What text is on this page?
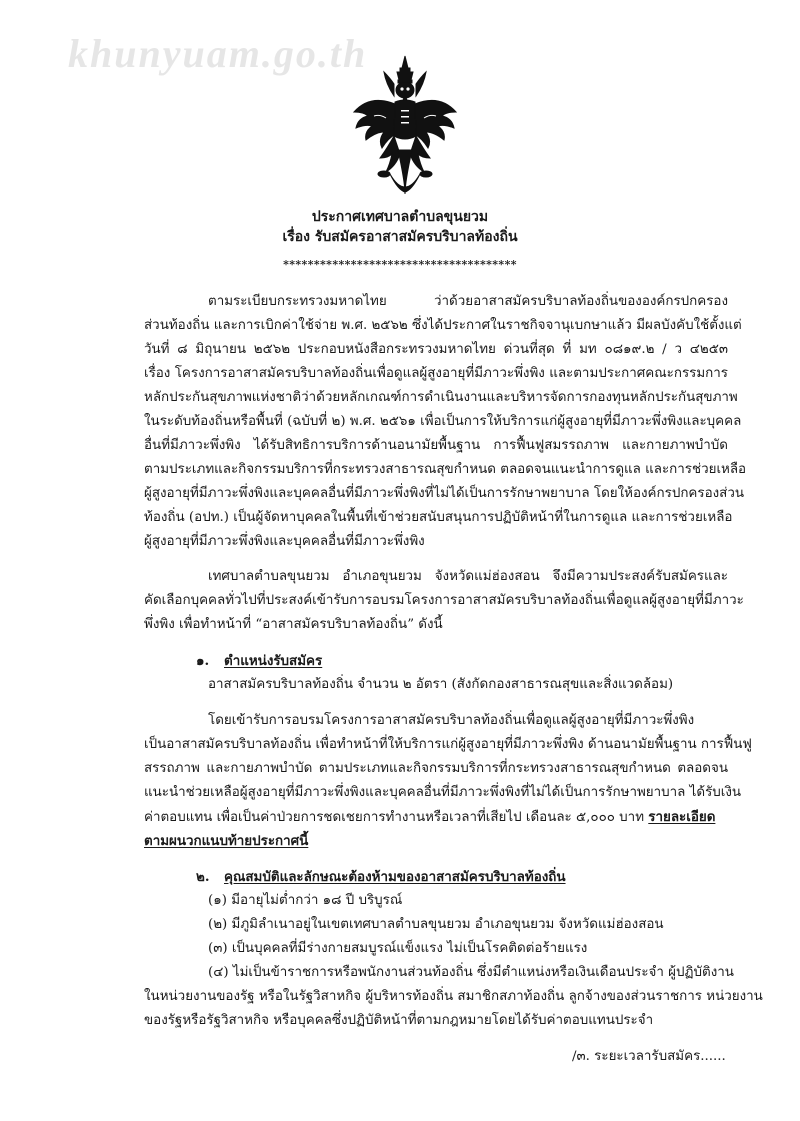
khunyuam.go.th
ประกาศเทศบาลตำบลขุนยวม
เรื่อง รับสมัครอาสาสมัครบริบาลท้องถิ่น
**************************************
ตามระเบียบกระทรวงมหาดไทย ว่าด้วยอาสาสมัครบริบาลท้องถิ่นขององค์กรปกครอง
ส่วนท้องถิ่น และการเบิกค่าใช้จ่าย พ.ศ. ๒๕๖๒ ซึ่งได้ประกาศในราชกิจจานุเบกษาแล้ว มีผลบังคับใช้ตั้งแต่
วันที่ ๘ มิถุนายน ๒๕๖๒ ประกอบหนังสือกระทรวงมหาดไทย ด่วนที่สุด ที่ มท ๐๘๑๙.๒ / ว ๔๒๕๓
เรื่อง โครงการอาสาสมัครบริบาลท้องถิ่นเพื่อดูแลผู้สูงอายุที่มีภาวะพึ่งพิง และตามประกาศคณะกรรมการ
หลักประกันสุขภาพแห่งชาติว่าด้วยหลักเกณฑ์การดำเนินงานและบริหารจัดการกองทุนหลักประกันสุขภาพ
ในระดับท้องถิ่นหรือพื้นที่ (ฉบับที่ ๒) พ.ศ. ๒๕๖๑ เพื่อเป็นการให้บริการแก่ผู้สูงอายุที่มีภาวะพึ่งพิงและบุคคล
อื่นที่มีภาวะพึ่งพิง ได้รับสิทธิการบริการด้านอนามัยพื้นฐาน การฟื้นฟูสมรรถภาพ และกายภาพบำบัด
ตามประเภทและกิจกรรมบริการที่กระทรวงสาธารณสุขกำหนด ตลอดจนแนะนำการดูแล และการช่วยเหลือ
ผู้สูงอายุที่มีภาวะพึ่งพิงและบุคคลอื่นที่มีภาวะพึ่งพิงที่ไม่ได้เป็นการรักษาพยาบาล โดยให้องค์กรปกครองส่วน
ท้องถิ่น (อปท.) เป็นผู้จัดหาบุคคลในพื้นที่เข้าช่วยสนับสนุนการปฏิบัติหน้าที่ในการดูแล และการช่วยเหลือ
ผู้สูงอายุที่มีภาวะพึ่งพิงและบุคคลอื่นที่มีภาวะพึ่งพิง
เทศบาลตำบลขุนยวม อำเภอขุนยวม จังหวัดแม่ฮ่องสอน จึงมีความประสงค์รับสมัครและ
คัดเลือกบุคคลทั่วไปที่ประสงค์เข้ารับการอบรมโครงการอาสาสมัครบริบาลท้องถิ่นเพื่อดูแลผู้สูงอายุที่มีภาวะ
พึ่งพิง เพื่อทำหน้าที่ “อาสาสมัครบริบาลท้องถิ่น” ดังนี้
๑. ตำแหน่งรับสมัคร
อาสาสมัครบริบาลท้องถิ่น จำนวน ๒ อัตรา (สังกัดกองสาธารณสุขและสิ่งแวดล้อม)
โดยเข้ารับการอบรมโครงการอาสาสมัครบริบาลท้องถิ่นเพื่อดูแลผู้สูงอายุที่มีภาวะพึ่งพิง
เป็นอาสาสมัครบริบาลท้องถิ่น เพื่อทำหน้าที่ให้บริการแก่ผู้สูงอายุที่มีภาวะพึ่งพิง ด้านอนามัยพื้นฐาน การฟื้นฟู
สรรถภาพ และกายภาพบำบัด ตามประเภทและกิจกรรมบริการที่กระทรวงสาธารณสุขกำหนด ตลอดจน
แนะนำช่วยเหลือผู้สูงอายุที่มีภาวะพึ่งพิงและบุคคลอื่นที่มีภาวะพึ่งพิงที่ไม่ได้เป็นการรักษาพยาบาล ได้รับเงิน
ค่าตอบแทน เพื่อเป็นค่าป่วยการชดเชยการทำงานหรือเวลาที่เสียไป เดือนละ ๕,๐๐๐ บาท รายละเอียด
ตามผนวกแนบท้ายประกาศนี้
๒. คุณสมบัติและลักษณะต้องห้ามของอาสาสมัครบริบาลท้องถิ่น
(๑) มีอายุไม่ต่ำกว่า ๑๘ ปี บริบูรณ์
(๒) มีภูมิลำเนาอยู่ในเขตเทศบาลตำบลขุนยวม อำเภอขุนยวม จังหวัดแม่ฮ่องสอน
(๓) เป็นบุคคลที่มีร่างกายสมบูรณ์แข็งแรง ไม่เป็นโรคติดต่อร้ายแรง
(๔) ไม่เป็นข้าราชการหรือพนักงานส่วนท้องถิ่น ซึ่งมีตำแหน่งหรือเงินเดือนประจำ ผู้ปฏิบัติงาน
ในหน่วยงานของรัฐ หรือในรัฐวิสาหกิจ ผู้บริหารท้องถิ่น สมาชิกสภาท้องถิ่น ลูกจ้างของส่วนราชการ หน่วยงาน
ของรัฐหรือรัฐวิสาหกิจ หรือบุคคลซึ่งปฏิบัติหน้าที่ตามกฎหมายโดยได้รับค่าตอบแทนประจำ
/๓. ระยะเวลารับสมัคร......
